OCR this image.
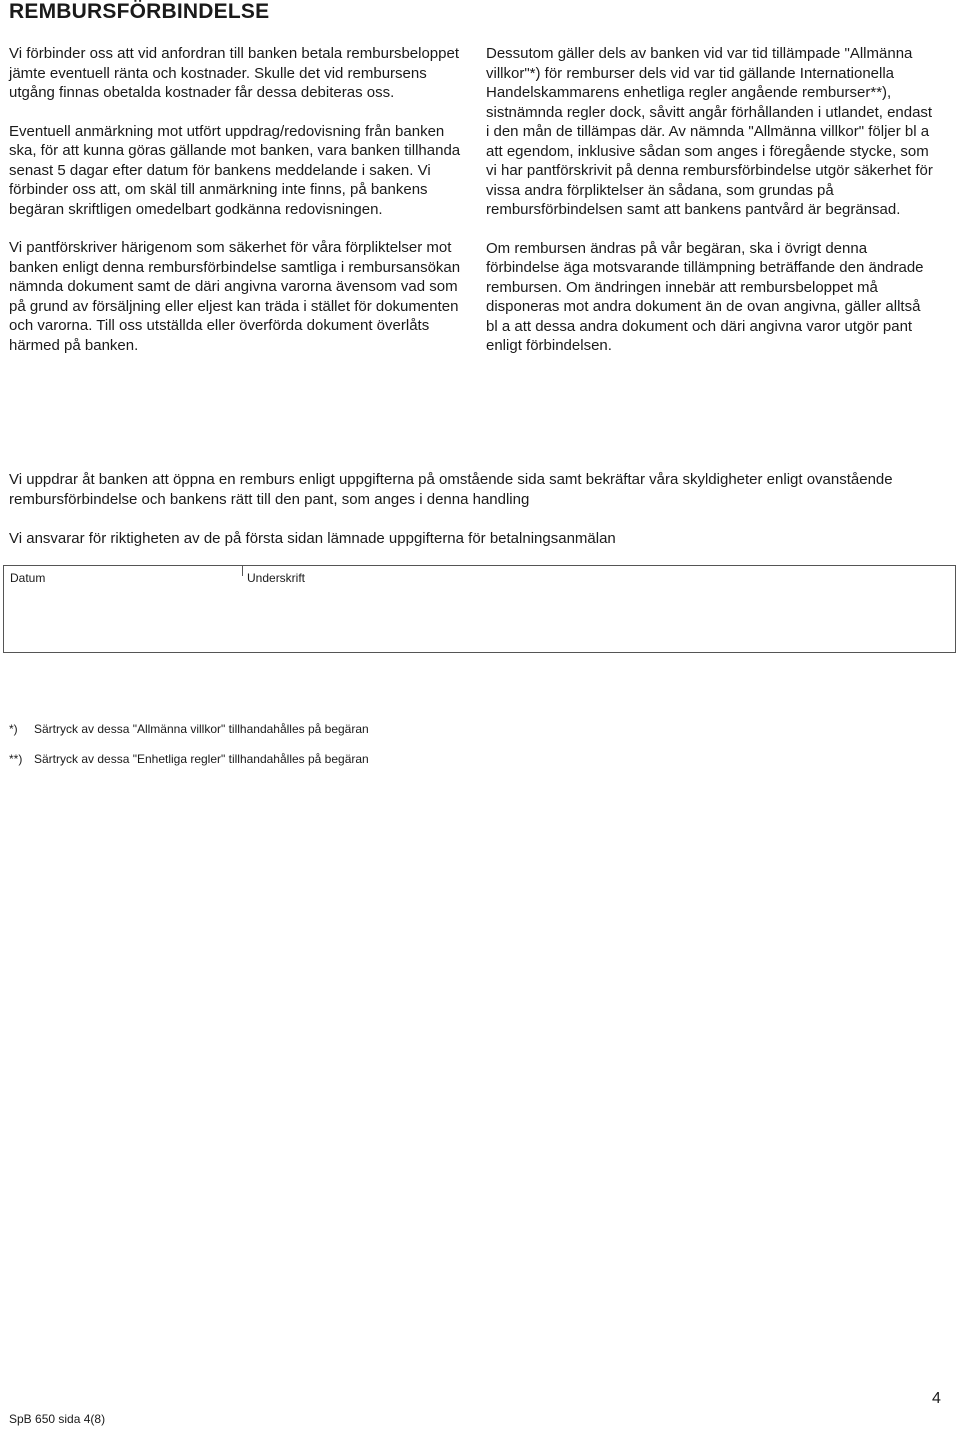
REMBURSFÖRBINDELSE

Vi förbinder oss att vid anfordran till banken betala rembursbeloppet jämte eventuell ränta och kostnader. Skulle det vid rembursens utgång finnas obetalda kostnader får dessa debiteras oss.

Eventuell anmärkning mot utfört uppdrag/redovisning från banken ska, för att kunna göras gällande mot banken, vara banken tillhanda senast 5 dagar efter datum för bankens meddelande i saken. Vi förbinder oss att, om skäl till anmärkning inte finns, på bankens begäran skriftligen omedelbart godkänna redovisningen.

Vi pantförskriver härigenom som säkerhet för våra förpliktelser mot banken enligt denna rembursförbindelse samtliga i rembursansökan nämnda dokument samt de däri angivna varorna ävensom vad som på grund av försäljning eller eljest kan träda i stället för dokumenten och varorna. Till oss utställda eller överförda dokument överlåts härmed på banken.

Dessutom gäller dels av banken vid var tid tillämpade "Allmänna villkor"*) för remburser dels vid var tid gällande Internationella Handelskammarens enhetliga regler angående remburser**), sistnämnda regler dock, såvitt angår förhållanden i utlandet, endast i den mån de tillämpas där. Av nämnda "Allmänna villkor" följer bl a att egendom, inklusive sådan som anges i föregående stycke, som vi har pantförskrivit på denna rembursförbindelse utgör säkerhet för vissa andra förpliktelser än sådana, som grundas på rembursförbindelsen samt att bankens pantvård är begränsad.

Om rembursen ändras på vår begäran, ska i övrigt denna förbindelse äga motsvarande tillämpning beträffande den ändrade rembursen. Om ändringen innebär att rembursbeloppet må disponeras mot andra dokument än de ovan angivna, gäller alltså bl a att dessa andra dokument och däri angivna varor utgör pant enligt förbindelsen.

Vi uppdrar åt banken att öppna en remburs enligt uppgifterna på omstående sida samt bekräftar våra skyldigheter enligt ovanstående rembursförbindelse och bankens rätt till den pant, som anges i denna handling

Vi ansvarar för riktigheten av de på första sidan lämnade uppgifterna för betalningsanmälan

Datum	Underskrift

*) Särtryck av dessa "Allmänna villkor" tillhandahålles på begäran

**) Särtryck av dessa "Enhetliga regler" tillhandahålles på begäran

SpB 650 sida 4(8)

4
